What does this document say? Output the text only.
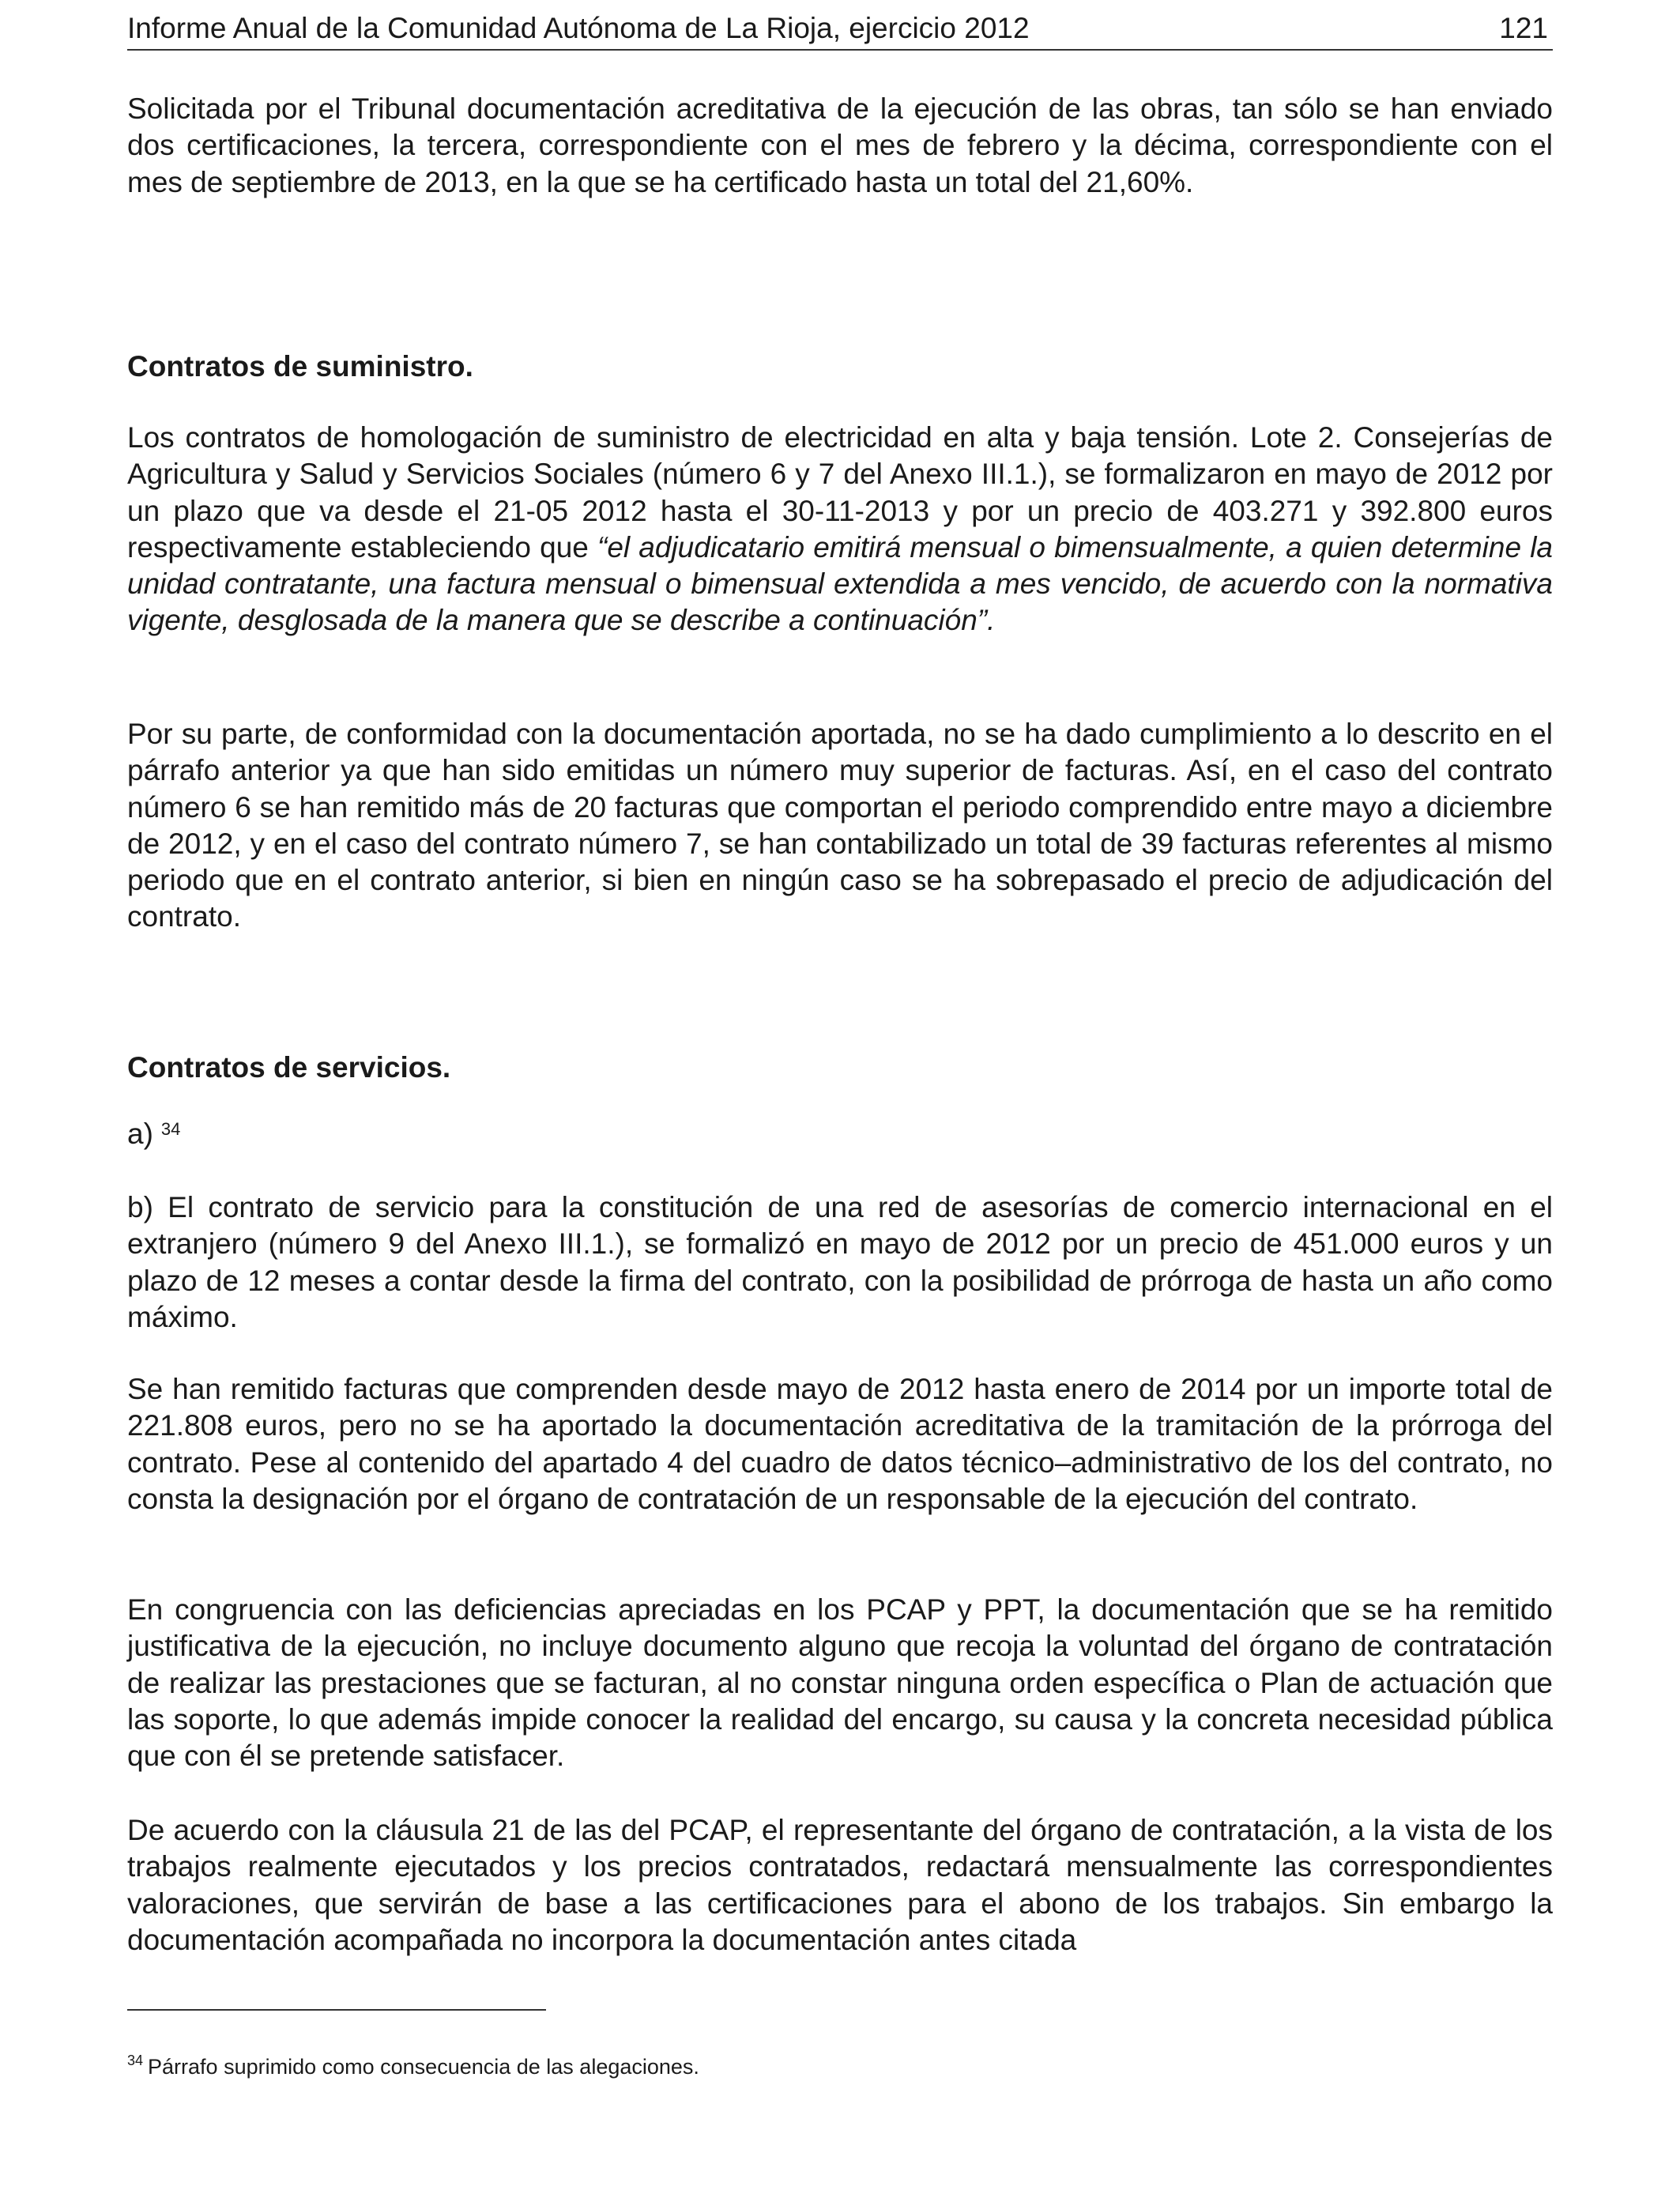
Informe Anual de la Comunidad Autónoma de La Rioja, ejercicio 2012	121

Solicitada por el Tribunal documentación acreditativa de la ejecución de las obras, tan sólo se han enviado dos certificaciones, la tercera, correspondiente con el mes de febrero y la décima, correspondiente con el mes de septiembre de 2013, en la que se ha certificado hasta un total del 21,60%.

Contratos de suministro.

Los contratos de homologación de suministro de electricidad en alta y baja tensión. Lote 2. Consejerías de Agricultura y Salud y Servicios Sociales (número 6 y 7 del Anexo III.1.), se formalizaron en mayo de 2012 por un plazo que va desde el 21-05 2012 hasta el 30-11-2013 y por un precio de 403.271 y 392.800 euros respectivamente estableciendo que “el adjudicatario emitirá mensual o bimensualmente, a quien determine la unidad contratante, una factura mensual o bimensual extendida a mes vencido, de acuerdo con la normativa vigente, desglosada de la manera que se describe a continuación”.

Por su parte, de conformidad con la documentación aportada, no se ha dado cumplimiento a lo descrito en el párrafo anterior ya que han sido emitidas un número muy superior de facturas. Así, en el caso del contrato número 6 se han remitido más de 20 facturas que comportan el periodo comprendido entre mayo a diciembre de 2012, y en el caso del contrato número 7, se han contabilizado un total de 39 facturas referentes al mismo periodo que en el contrato anterior, si bien en ningún caso se ha sobrepasado el precio de adjudicación del contrato.

Contratos de servicios.

a) $^{34}$

b) El contrato de servicio para la constitución de una red de asesorías de comercio internacional en el extranjero (número 9 del Anexo III.1.), se formalizó en mayo de 2012 por un precio de 451.000 euros y un plazo de 12 meses a contar desde la firma del contrato, con la posibilidad de prórroga de hasta un año como máximo.

Se han remitido facturas que comprenden desde mayo de 2012 hasta enero de 2014 por un importe total de 221.808 euros, pero no se ha aportado la documentación acreditativa de la tramitación de la prórroga del contrato. Pese al contenido del apartado 4 del cuadro de datos técnico–administrativo de los del contrato, no consta la designación por el órgano de contratación de un responsable de la ejecución del contrato.

En congruencia con las deficiencias apreciadas en los PCAP y PPT, la documentación que se ha remitido justificativa de la ejecución, no incluye documento alguno que recoja la voluntad del órgano de contratación de realizar las prestaciones que se facturan, al no constar ninguna orden específica o Plan de actuación que las soporte, lo que además impide conocer la realidad del encargo, su causa y la concreta necesidad pública que con él se pretende satisfacer.

De acuerdo con la cláusula 21 de las del PCAP, el representante del órgano de contratación, a la vista de los trabajos realmente ejecutados y los precios contratados, redactará mensualmente las correspondientes valoraciones, que servirán de base a las certificaciones para el abono de los trabajos. Sin embargo la documentación acompañada no incorpora la documentación antes citada

$^{34}$ Párrafo suprimido como consecuencia de las alegaciones.
